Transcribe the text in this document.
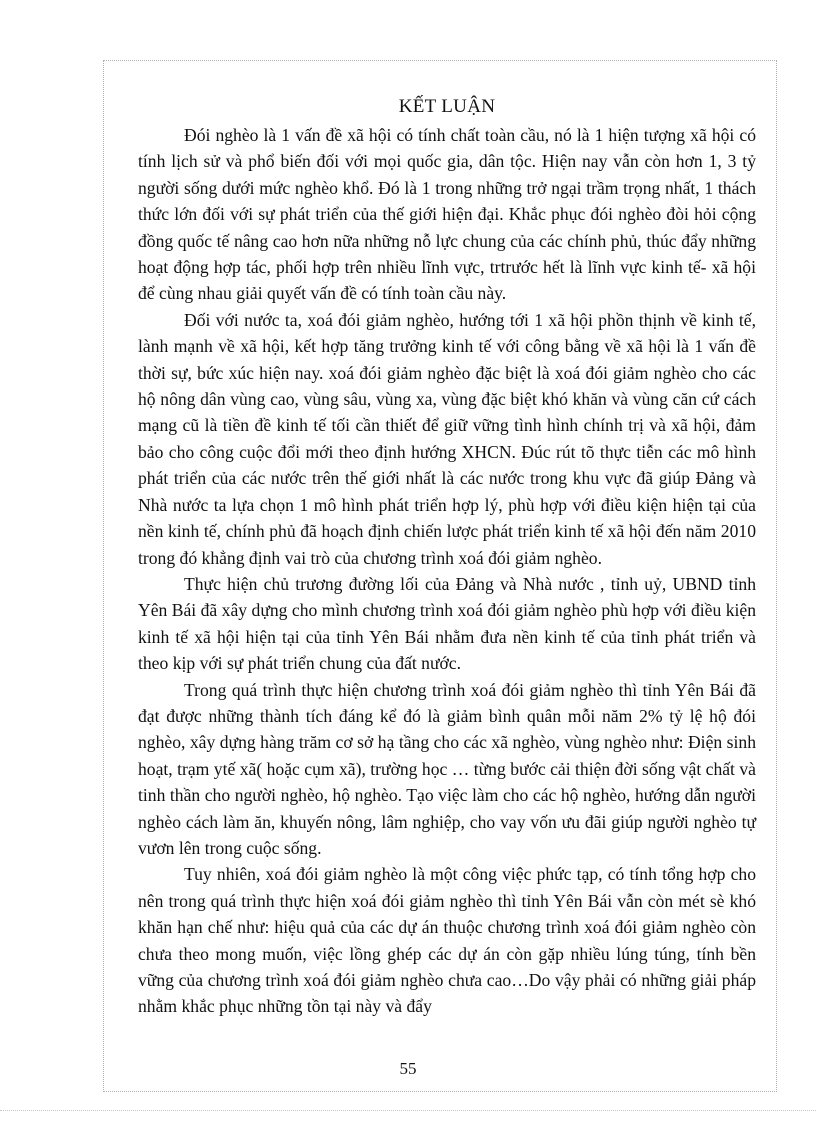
KẾT LUẬN

Đói nghèo là 1 vấn đề xã hội có tính chất toàn cầu, nó là 1 hiện tượng xã hội có tính lịch sử và phổ biến đối với mọi quốc gia, dân tộc. Hiện nay vẫn còn hơn 1, 3 tỷ người sống dưới mức nghèo khổ. Đó là 1 trong những trở ngại trầm trọng nhất, 1 thách thức lớn đối với sự phát triển của thế giới hiện đại. Khắc phục đói nghèo đòi hỏi cộng đồng quốc tế nâng cao hơn nữa những nỗ lực chung của các chính phủ, thúc đẩy những hoạt động hợp tác, phối hợp trên nhiều lĩnh vực, trtrước hết là lĩnh vực kinh tế- xã hội để cùng nhau giải quyết vấn đề có tính toàn cầu này.

Đối với nước ta, xoá đói giảm nghèo, hướng tới 1 xã hội phồn thịnh về kinh tế, lành mạnh về xã hội, kết hợp tăng trưởng kinh tế với công bằng về xã hội là 1 vấn đề thời sự, bức xúc hiện nay. xoá đói giảm nghèo đặc biệt là xoá đói giảm nghèo cho các hộ nông dân vùng cao, vùng sâu, vùng xa, vùng đặc biệt khó khăn và vùng căn cứ cách mạng cũ là tiền đề kinh tế tối cần thiết để giữ vững tình hình chính trị và xã hội, đảm bảo cho công cuộc đổi mới theo định hướng XHCN. Đúc rút tõ thực tiễn các mô hình phát triển của các nước trên thế giới nhất là các nước trong khu vực đã giúp Đảng và Nhà nước ta lựa chọn 1 mô hình phát triển hợp lý, phù hợp với điều kiện hiện tại của nền kinh tế, chính phủ đã hoạch định chiến lược phát triển kinh tế xã hội đến năm 2010 trong đó khẳng định vai trò của chương trình xoá đói giảm nghèo.

Thực hiện chủ trương đường lối của Đảng và Nhà nước , tỉnh uỷ, UBND tỉnh Yên Bái đã xây dựng cho mình chương trình xoá đói giảm nghèo phù hợp với điều kiện kinh tế xã hội hiện tại của tỉnh Yên Bái nhằm đưa nền kinh tế của tỉnh phát triển và theo kịp với sự phát triển chung của đất nước.

Trong quá trình thực hiện chương trình xoá đói giảm nghèo thì tỉnh Yên Bái đã đạt được những thành tích đáng kể đó là giảm bình quân mỗi năm 2% tỷ lệ hộ đói nghèo, xây dựng hàng trăm cơ sở hạ tầng cho các xã nghèo, vùng nghèo như: Điện sinh hoạt, trạm ytế xã( hoặc cụm xã), trường học … từng bước cải thiện đời sống vật chất và tinh thần cho người nghèo, hộ nghèo. Tạo việc làm cho các hộ nghèo, hướng dẫn người nghèo cách làm ăn, khuyến nông, lâm nghiệp, cho vay vốn ưu đãi giúp người nghèo tự vươn lên trong cuộc sống.

Tuy nhiên, xoá đói giảm nghèo là một công việc phức tạp, có tính tổng hợp cho nên trong quá trình thực hiện xoá đói giảm nghèo thì tỉnh Yên Bái vẫn còn mét sè khó khăn hạn chế như: hiệu quả của các dự án thuộc chương trình xoá đói giảm nghèo còn chưa theo mong muốn, việc lồng ghép các dự án còn gặp nhiều lúng túng, tính bền vững của chương trình xoá đói giảm nghèo chưa cao…Do vậy phải có những giải pháp nhằm khắc phục những tồn tại này và đẩy

55
